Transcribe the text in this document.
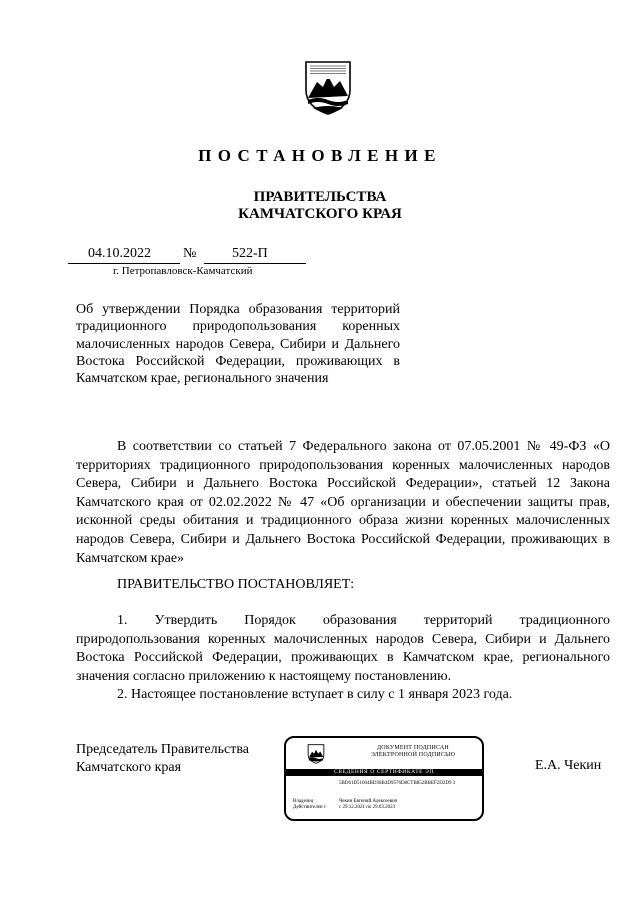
ПОСТАНОВЛЕНИЕ
ПРАВИТЕЛЬСТВА
КАМЧАТСКОГО КРАЯ
04.10.2022	№	522-П
г. Петропавловск-Камчатский
Об утверждении Порядка образования территорий традиционного природопользования коренных малочисленных народов Севера, Сибири и Дальнего Востока Российской Федерации, проживающих в Камчатском крае, регионального значения
В соответствии со статьей 7 Федерального закона от 07.05.2001 № 49-ФЗ «О территориях традиционного природопользования коренных малочисленных народов Севера, Сибири и Дальнего Востока Российской Федерации», статьей 12 Закона Камчатского края от 02.02.2022 № 47 «Об организации и обеспечении защиты прав, исконной среды обитания и традиционного образа жизни коренных малочисленных народов Севера, Сибири и Дальнего Востока Российской Федерации, проживающих в Камчатском крае»
ПРАВИТЕЛЬСТВО ПОСТАНОВЛЯЕТ:
1. Утвердить Порядок образования территорий традиционного природопользования коренных малочисленных народов Севера, Сибири и Дальнего Востока Российской Федерации, проживающих в Камчатском крае, регионального значения согласно приложению к настоящему постановлению.
2. Настоящее постановление вступает в силу с 1 января 2023 года.
Председатель Правительства
Камчатского края	Е.А. Чекин
ДОКУМЕНТ ПОДПИСАН
ЭЛЕКТРОННОЙ ПОДПИСЬЮ
СВЕДЕНИЯ О СЕРТИФИКАТЕ ЭП
5BD61D51604BD38B4D9576D8CTB852BBEF2D2D9 3
Владелец	Чекин Евгений Алексеевич
Действителен с	с 29.12.2021 по 29.03.2023
